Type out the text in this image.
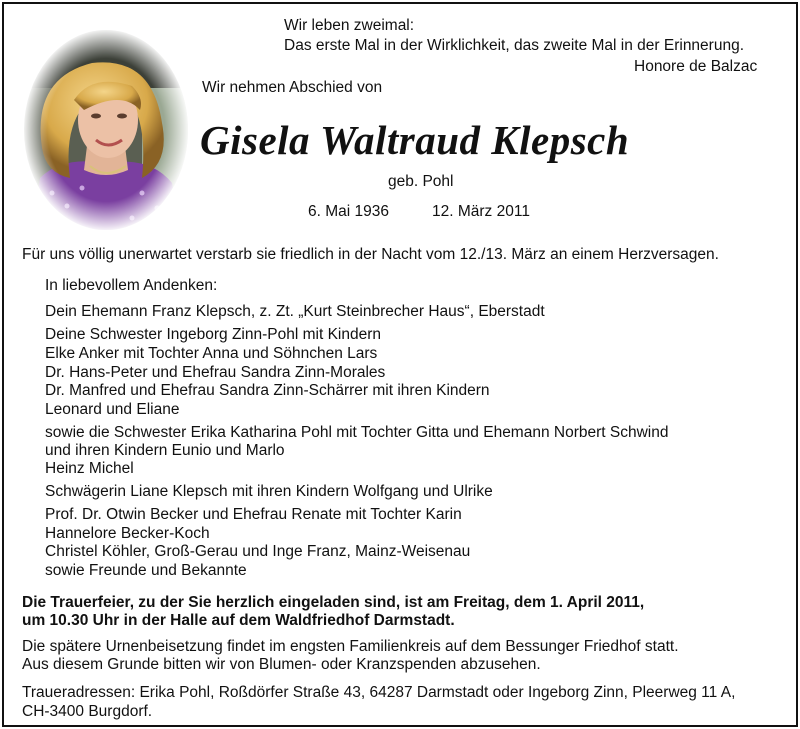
Wir leben zweimal:
Das erste Mal in der Wirklichkeit, das zweite Mal in der Erinnerung.
Honore de Balzac
Wir nehmen Abschied von
Gisela Waltraud Klepsch
geb. Pohl
6. Mai 1936	12. März 2011
Für uns völlig unerwartet verstarb sie friedlich in der Nacht vom 12./13. März an einem Herzversagen.
In liebevollem Andenken:
Dein Ehemann Franz Klepsch, z. Zt. „Kurt Steinbrecher Haus“, Eberstadt
Deine Schwester Ingeborg Zinn-Pohl mit Kindern
Elke Anker mit Tochter Anna und Söhnchen Lars
Dr. Hans-Peter und Ehefrau Sandra Zinn-Morales
Dr. Manfred und Ehefrau Sandra Zinn-Schärrer mit ihren Kindern
Leonard und Eliane
sowie die Schwester Erika Katharina Pohl mit Tochter Gitta und Ehemann Norbert Schwind
und ihren Kindern Eunio und Marlo
Heinz Michel
Schwägerin Liane Klepsch mit ihren Kindern Wolfgang und Ulrike
Prof. Dr. Otwin Becker und Ehefrau Renate mit Tochter Karin
Hannelore Becker-Koch
Christel Köhler, Groß-Gerau und Inge Franz, Mainz-Weisenau
sowie Freunde und Bekannte
Die Trauerfeier, zu der Sie herzlich eingeladen sind, ist am Freitag, dem 1. April 2011,
um 10.30 Uhr in der Halle auf dem Waldfriedhof Darmstadt.
Die spätere Urnenbeisetzung findet im engsten Familienkreis auf dem Bessunger Friedhof statt.
Aus diesem Grunde bitten wir von Blumen- oder Kranzspenden abzusehen.
Traueradressen: Erika Pohl, Roßdörfer Straße 43, 64287 Darmstadt oder Ingeborg Zinn, Pleerweg 11 A,
CH-3400 Burgdorf.
